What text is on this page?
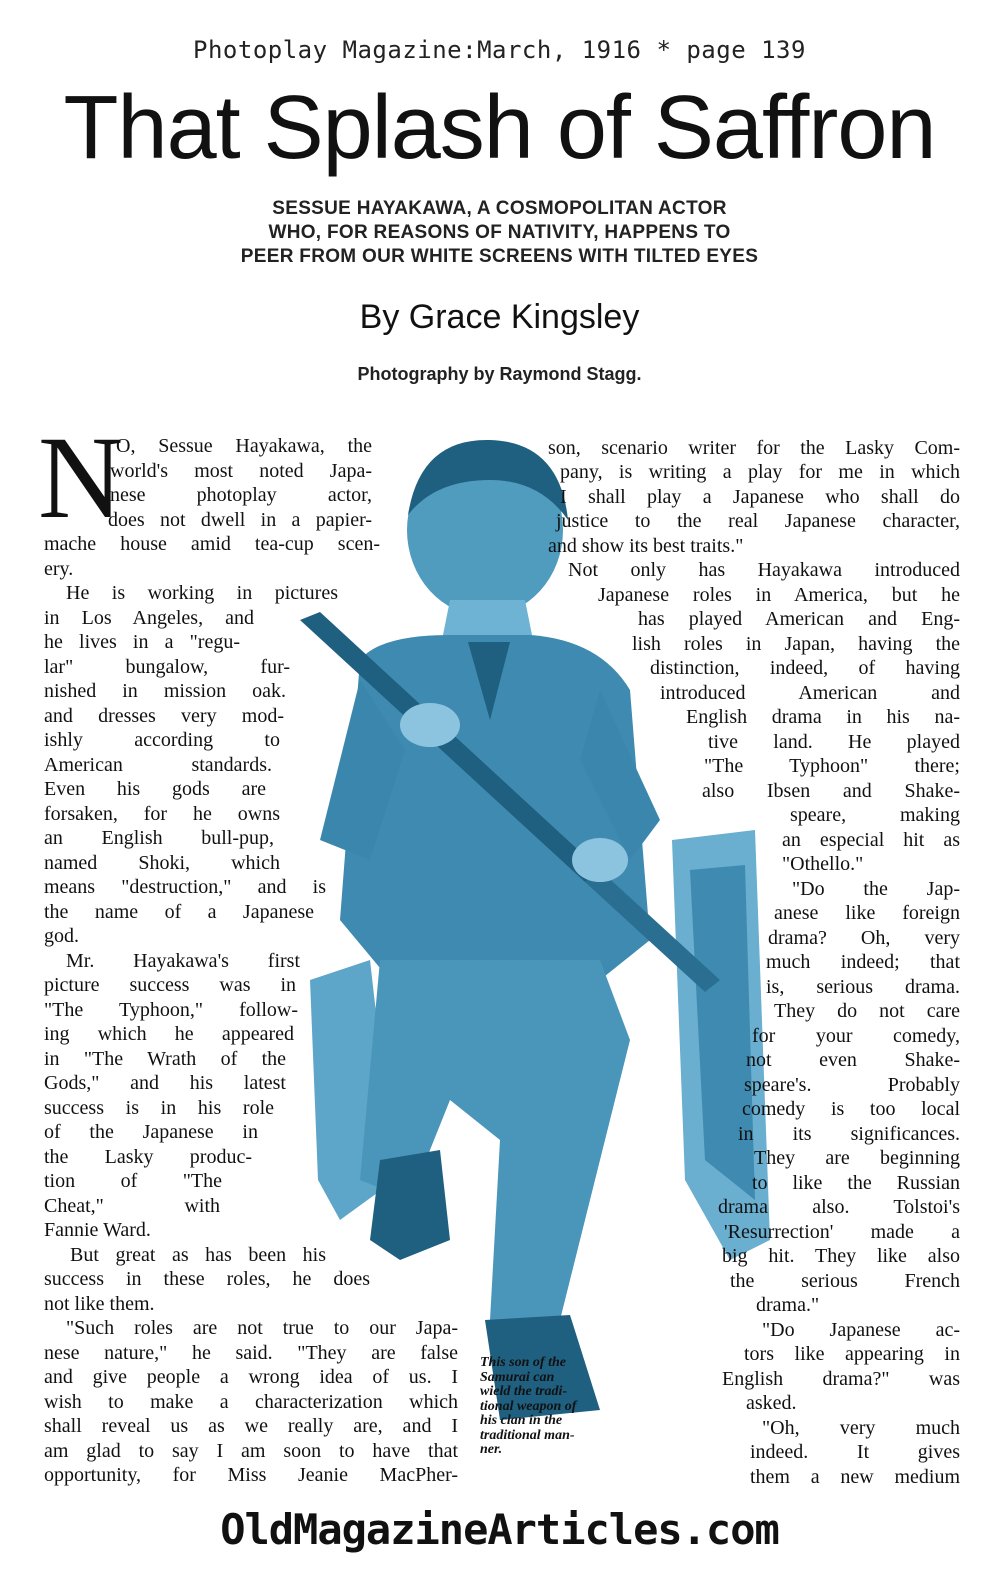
Photoplay Magazine:March, 1916 * page 139
That Splash of Saffron
SESSUE HAYAKAWA, A COSMOPOLITAN ACTOR
WHO, FOR REASONS OF NATIVITY, HAPPENS TO
PEER FROM OUR WHITE SCREENS WITH TILTED EYES
By Grace Kingsley
Photography by Raymond Stagg.
N
O, Sessue Hayakawa, the
world's most noted Japa-
nese photoplay actor,
does not dwell in a papier-
mache house amid tea-cup scen-
ery.
He is working in pictures
in Los Angeles, and
he lives in a "regu-
lar" bungalow, fur-
nished in mission oak.
and dresses very mod-
ishly according to
American standards.
Even his gods are
forsaken, for he owns
an English bull-pup,
named Shoki, which
means "destruction," and is
the name of a Japanese
god.
Mr. Hayakawa's first
picture success was in
"The Typhoon," follow-
ing which he appeared
in "The Wrath of the
Gods," and his latest
success is in his role
of the Japanese in
the Lasky produc-
tion of "The
Cheat," with
Fannie Ward.
But great as has been his
success in these roles, he does
not like them.
"Such roles are not true to our Japa-
nese nature," he said. "They are false
and give people a wrong idea of us. I
wish to make a characterization which
shall reveal us as we really are, and I
am glad to say I am soon to have that
opportunity, for Miss Jeanie MacPher-
son, scenario writer for the Lasky Com-
pany, is writing a play for me in which
I shall play a Japanese who shall do
justice to the real Japanese character,
and show its best traits."
Not only has Hayakawa introduced
Japanese roles in America, but he
has played American and Eng-
lish roles in Japan, having the
distinction, indeed, of having
introduced American and
English drama in his na-
tive land. He played
"The Typhoon" there;
also Ibsen and Shake-
speare, making
an especial hit as
"Othello."
"Do the Jap-
anese like foreign
drama? Oh, very
much indeed; that
is, serious drama.
They do not care
for your comedy,
not even Shake-
speare's. Probably
comedy is too local
in its significances.
They are beginning
to like the Russian
drama also. Tolstoi's
'Resurrection' made a
big hit. They like also
the serious French
drama."
"Do Japanese ac-
tors like appearing in
English drama?" was
asked.
"Oh, very much
indeed. It gives
them a new medium
This son of the
Samurai can
wield the tradi-
tional weapon of
his clan in the
traditional man-
ner.
OldMagazineArticles.com
